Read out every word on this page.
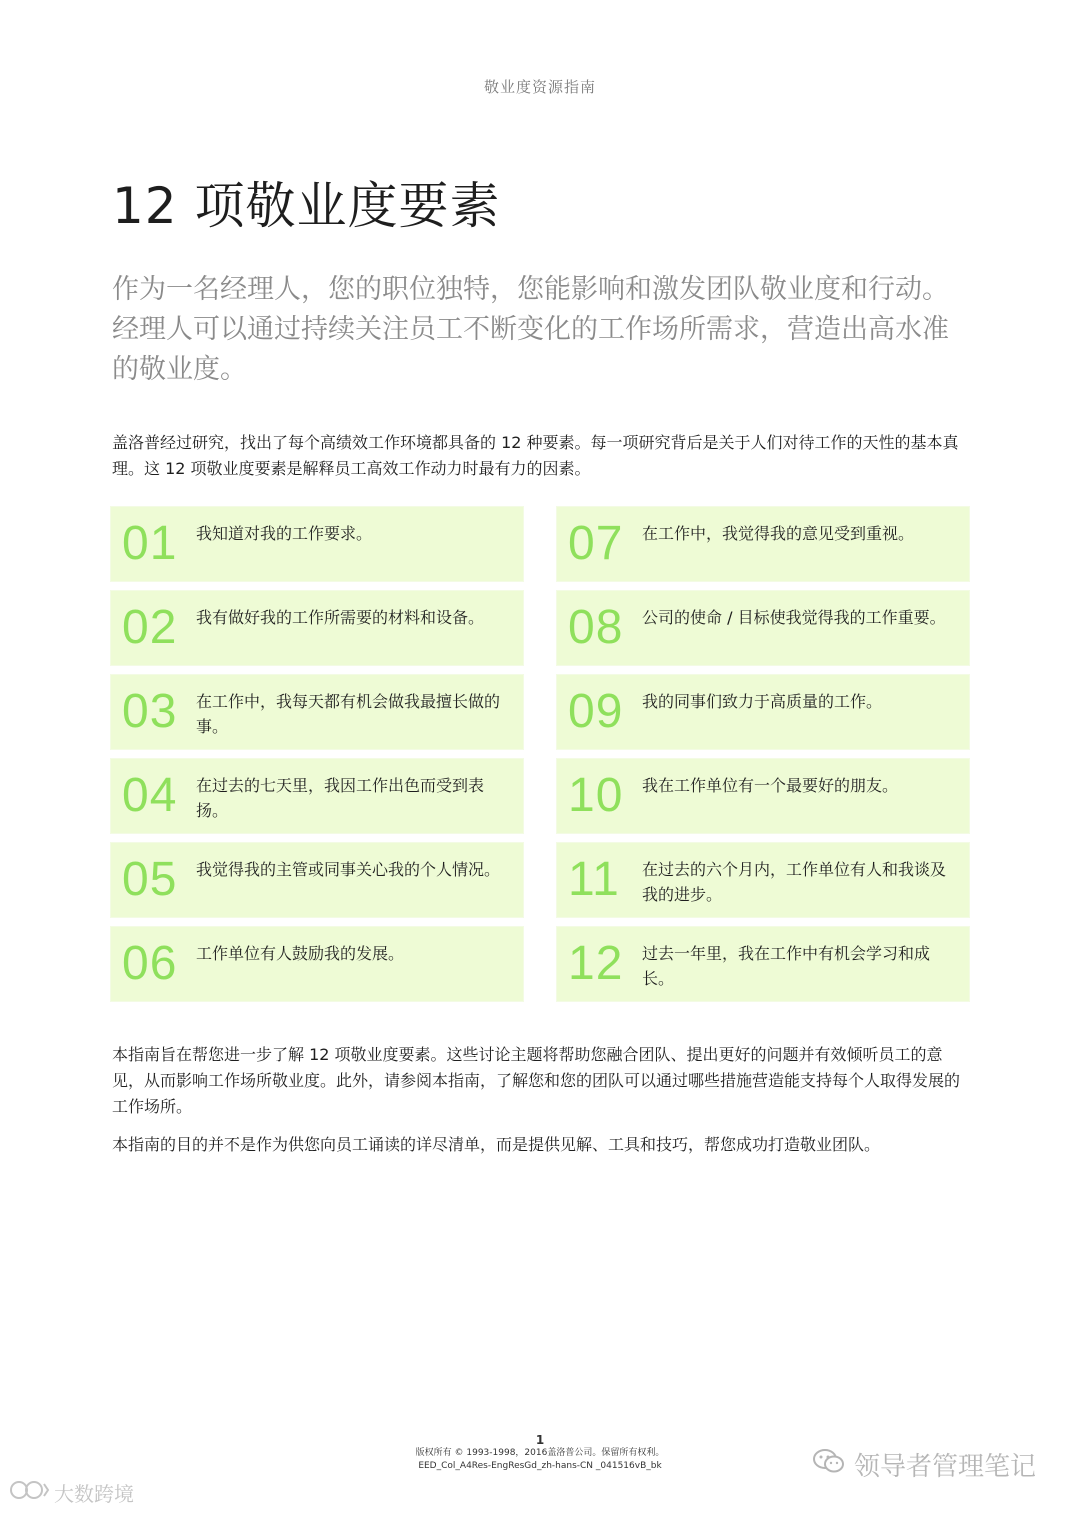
敬业度资源指南
12 项敬业度要素

作为一名经理人，您的职位独特，您能影响和激发团队敬业度和行动。经理人可以通过持续关注员工不断变化的工作场所需求，营造出高水准的敬业度。

盖洛普经过研究，找出了每个高绩效工作环境都具备的 12 种要素。每一项研究背后是关于人们对待工作的天性的基本真理。这 12 项敬业度要素是解释员工高效工作动力时最有力的因素。

01 我知道对我的工作要求。	07 在工作中，我觉得我的意见受到重视。
02 我有做好我的工作所需要的材料和设备。	08 公司的使命 / 目标使我觉得我的工作重要。
03 在工作中，我每天都有机会做我最擅长做的事。	09 我的同事们致力于高质量的工作。
04 在过去的七天里，我因工作出色而受到表扬。	10 我在工作单位有一个最要好的朋友。
05 我觉得我的主管或同事关心我的个人情况。 11 在过去的六个月内，工作单位有人和我谈及我的进步。
06 工作单位有人鼓励我的发展。	12 过去一年里，我在工作中有机会学习和成长。

本指南旨在帮您进一步了解 12 项敬业度要素。这些讨论主题将帮助您融合团队、提出更好的问题并有效倾听员工的意见，从而影响工作场所敬业度。此外，请参阅本指南，了解您和您的团队可以通过哪些措施营造能支持每个人取得发展的工作场所。

本指南的目的并不是作为供您向员工诵读的详尽清单，而是提供见解、工具和技巧，帮您成功打造敬业团队。

1
版权所有 © 1993-1998，2016盖洛普公司。保留所有权利。
EED_Col_A4Res-EngResGd_zh-hans-CN _041516vB_bk	领导者管理笔记
大数跨境
